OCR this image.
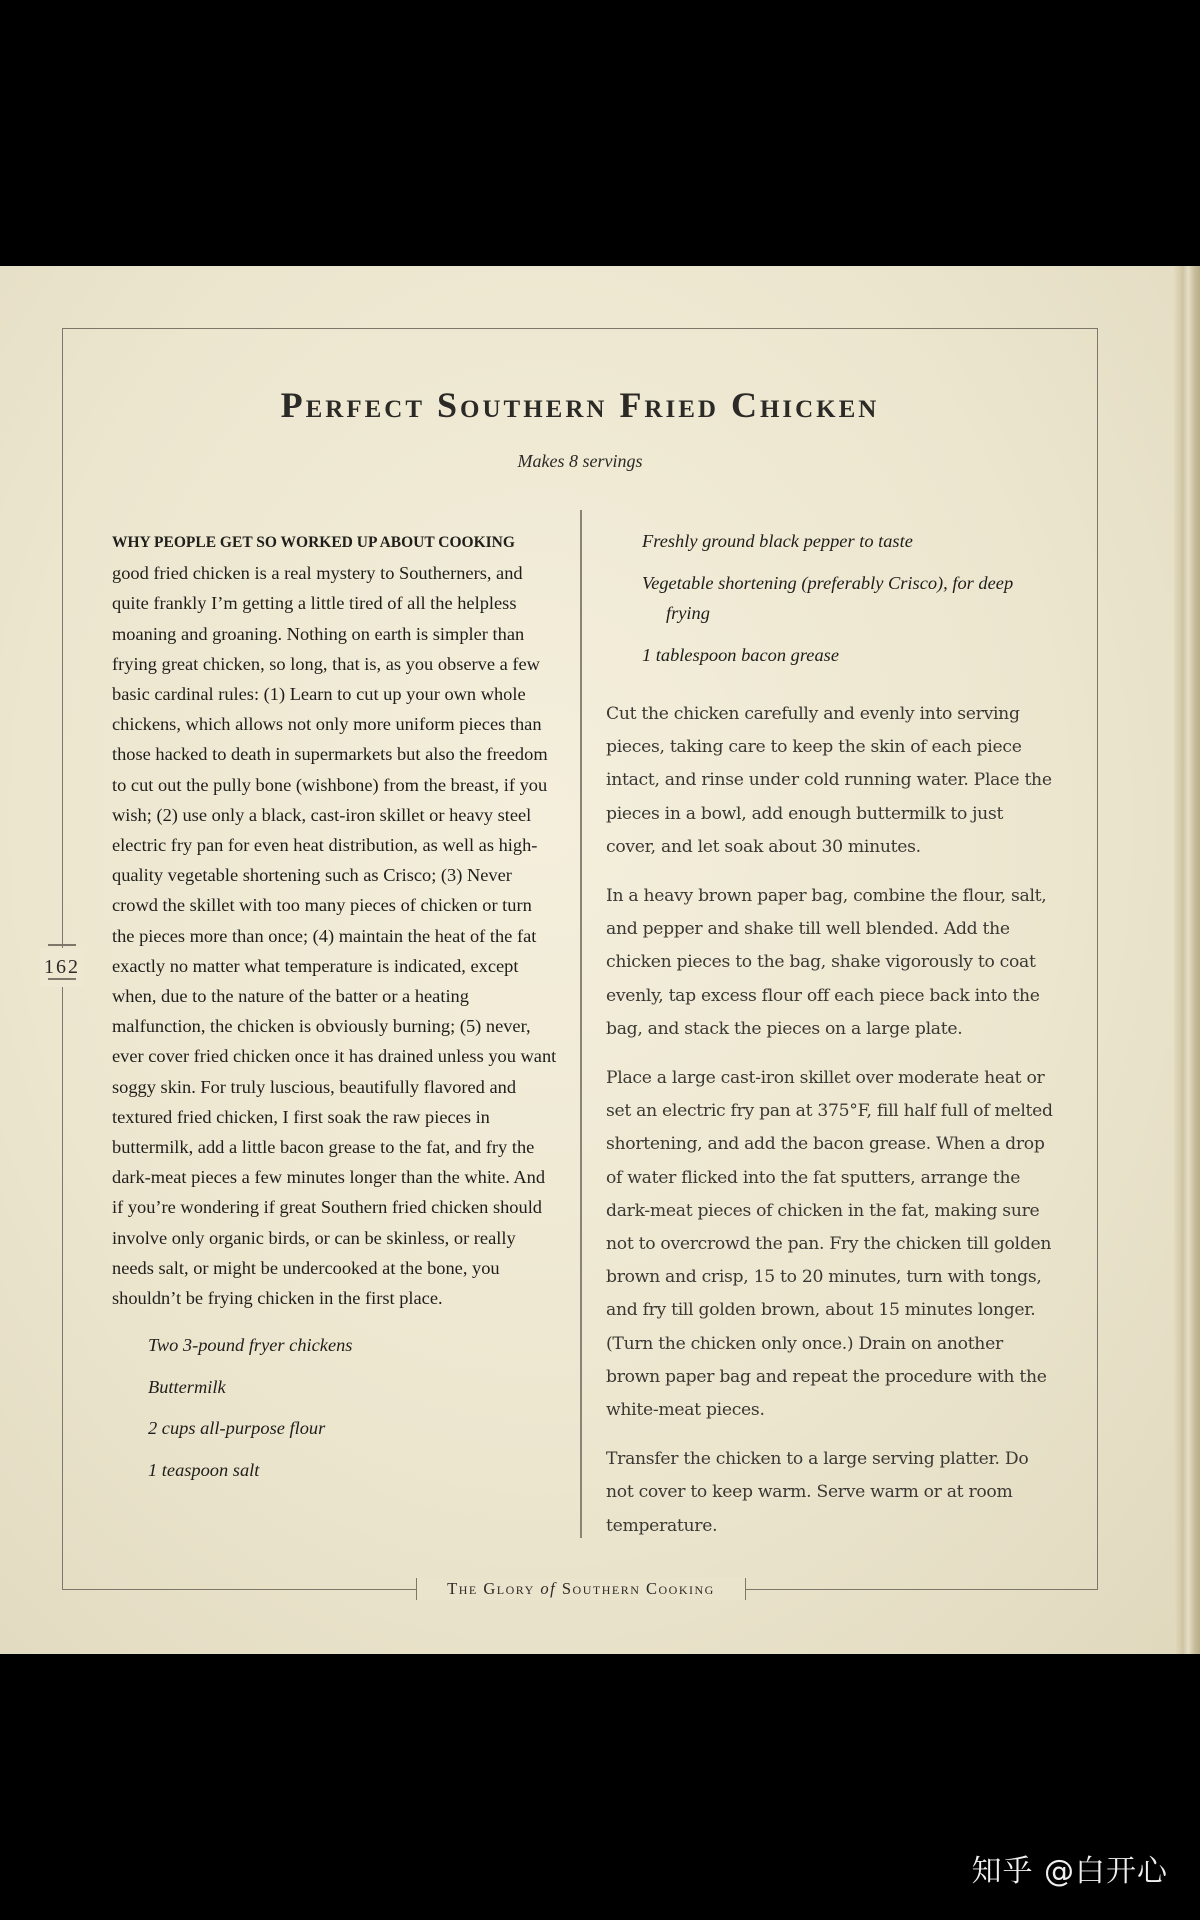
Perfect Southern Fried Chicken
Makes 8 servings
WHY PEOPLE GET SO WORKED UP ABOUT COOKING
good fried chicken is a real mystery to Southerners, and quite frankly I’m getting a little tired of all the helpless moaning and groaning. Nothing on earth is simpler than frying great chicken, so long, that is, as you observe a few basic cardinal rules: (1) Learn to cut up your own whole chickens, which allows not only more uniform pieces than those hacked to death in supermarkets but also the freedom to cut out the pully bone (wishbone) from the breast, if you wish; (2) use only a black, cast-iron skillet or heavy steel electric fry pan for even heat distribution, as well as high-quality vegetable shortening such as Crisco; (3) Never crowd the skillet with too many pieces of chicken or turn the pieces more than once; (4) maintain the heat of the fat exactly no matter what temperature is indicated, except when, due to the nature of the batter or a heating malfunction, the chicken is obviously burning; (5) never, ever cover fried chicken once it has drained unless you want soggy skin. For truly luscious, beautifully flavored and textured fried chicken, I first soak the raw pieces in buttermilk, add a little bacon grease to the fat, and fry the dark-meat pieces a few minutes longer than the white. And if you’re wondering if great Southern fried chicken should involve only organic birds, or can be skinless, or really needs salt, or might be undercooked at the bone, you shouldn’t be frying chicken in the first place.
Two 3-pound fryer chickens
Buttermilk
2 cups all-purpose flour
1 teaspoon salt
Freshly ground black pepper to taste
Vegetable shortening (preferably Crisco), for deep frying
1 tablespoon bacon grease

Cut the chicken carefully and evenly into serving pieces, taking care to keep the skin of each piece intact, and rinse under cold running water. Place the pieces in a bowl, add enough buttermilk to just cover, and let soak about 30 minutes.

In a heavy brown paper bag, combine the flour, salt, and pepper and shake till well blended. Add the chicken pieces to the bag, shake vigorously to coat evenly, tap excess flour off each piece back into the bag, and stack the pieces on a large plate.

Place a large cast-iron skillet over moderate heat or set an electric fry pan at 375°F, fill half full of melted shortening, and add the bacon grease. When a drop of water flicked into the fat sputters, arrange the dark-meat pieces of chicken in the fat, making sure not to overcrowd the pan. Fry the chicken till golden brown and crisp, 15 to 20 minutes, turn with tongs, and fry till golden brown, about 15 minutes longer. (Turn the chicken only once.) Drain on another brown paper bag and repeat the procedure with the white-meat pieces.

Transfer the chicken to a large serving platter. Do not cover to keep warm. Serve warm or at room temperature.

162
The Glory of Southern Cooking
知乎 @白开心
